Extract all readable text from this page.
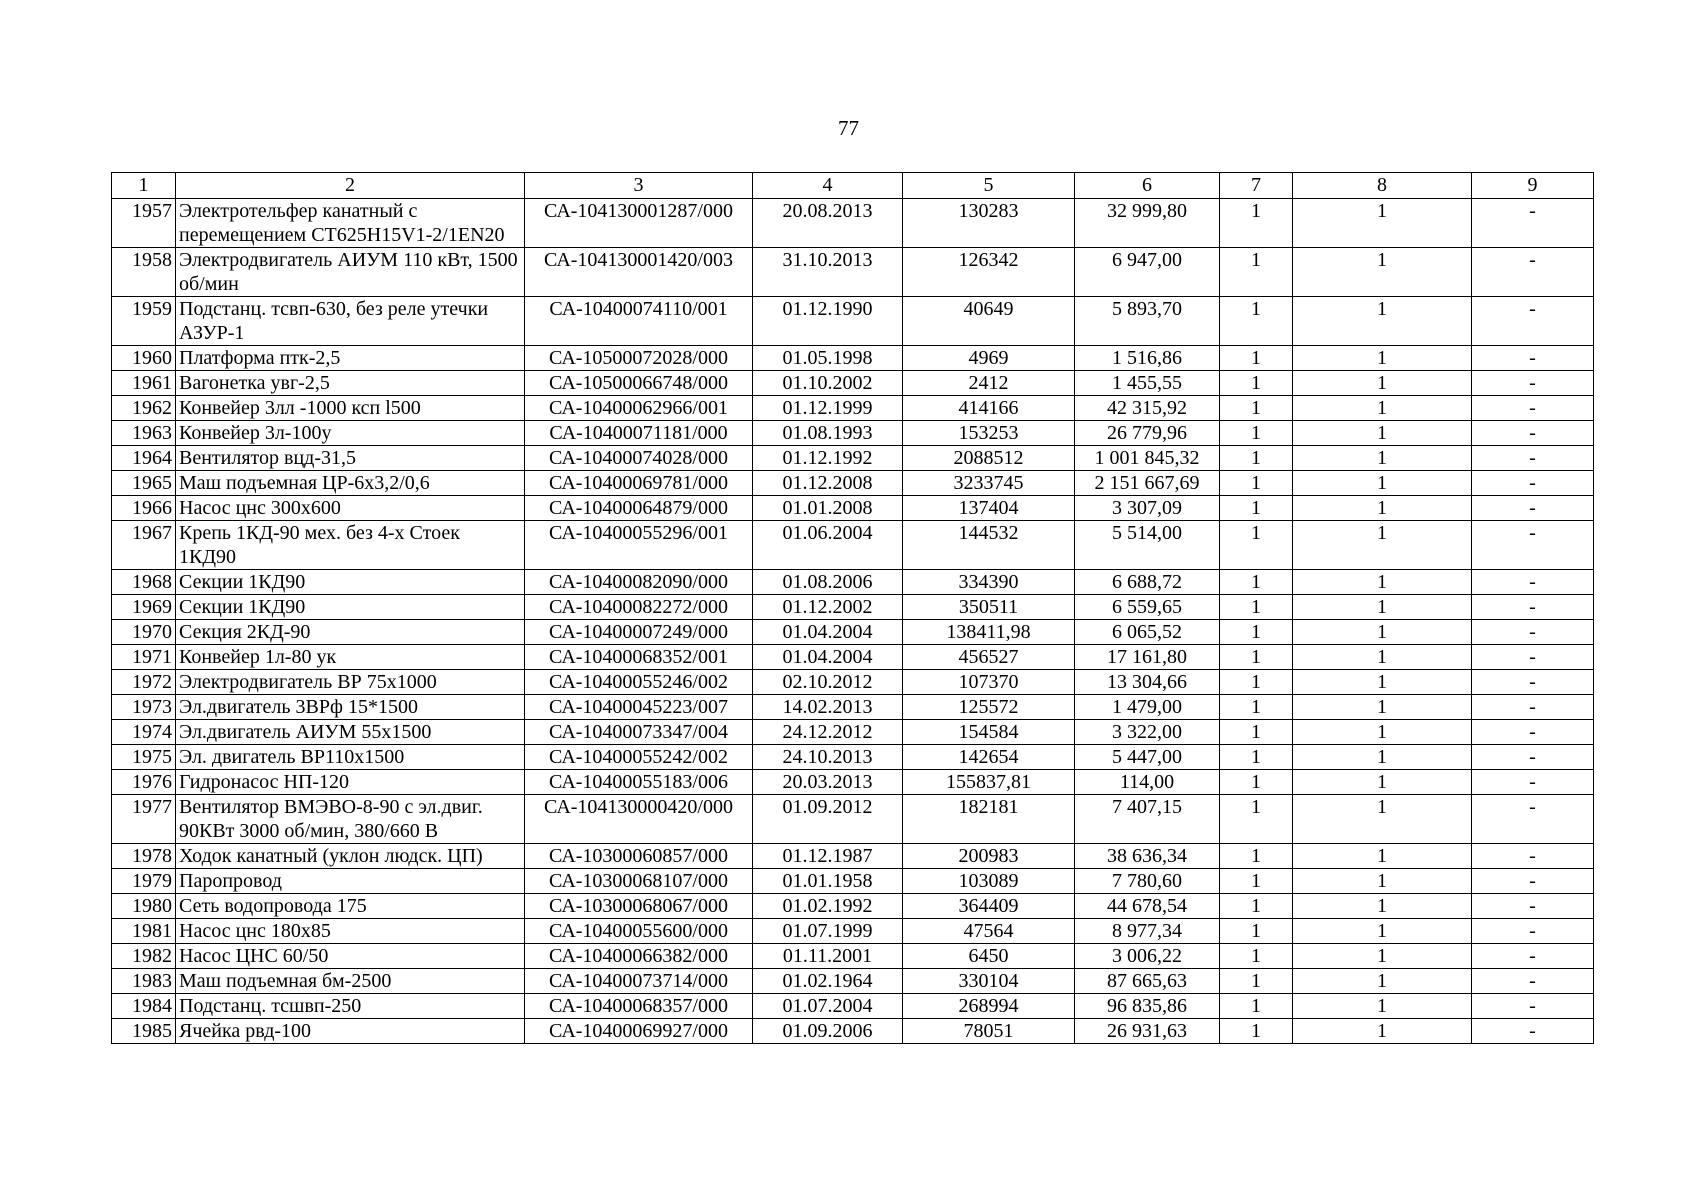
77
1	2	3	4	5	6	7	8	9
1957	Электротельфер канатный с перемещением СТ625Н15V1-2/1EN20	СА-104130001287/000	20.08.2013	130283	32 999,80	1	1	-
1958	Электродвигатель АИУМ 110 кВт, 1500 об/мин	СА-104130001420/003	31.10.2013	126342	6 947,00	1	1	-
1959	Подстанц. тсвп-630, без реле утечки АЗУР-1	СА-10400074110/001	01.12.1990	40649	5 893,70	1	1	-
1960	Платформа птк-2,5	СА-10500072028/000	01.05.1998	4969	1 516,86	1	1	-
1961	Вагонетка увг-2,5	СА-10500066748/000	01.10.2002	2412	1 455,55	1	1	-
1962	Конвейер 3лл -1000 ксп l500	СА-10400062966/001	01.12.1999	414166	42 315,92	1	1	-
1963	Конвейер 3л-100у	СА-10400071181/000	01.08.1993	153253	26 779,96	1	1	-
1964	Вентилятор вцд-31,5	СА-10400074028/000	01.12.1992	2088512	1 001 845,32	1	1	-
1965	Маш подъемная ЦР-6х3,2/0,6	СА-10400069781/000	01.12.2008	3233745	2 151 667,69	1	1	-
1966	Насос цнс 300х600	СА-10400064879/000	01.01.2008	137404	3 307,09	1	1	-
1967	Крепь 1КД-90 мех. без 4-х Стоек 1КД90	СА-10400055296/001	01.06.2004	144532	5 514,00	1	1	-
1968	Секции 1КД90	СА-10400082090/000	01.08.2006	334390	6 688,72	1	1	-
1969	Секции 1КД90	СА-10400082272/000	01.12.2002	350511	6 559,65	1	1	-
1970	Секция 2КД-90	СА-10400007249/000	01.04.2004	138411,98	6 065,52	1	1	-
1971	Конвейер 1л-80 ук	СА-10400068352/001	01.04.2004	456527	17 161,80	1	1	-
1972	Электродвигатель ВР 75х1000	СА-10400055246/002	02.10.2012	107370	13 304,66	1	1	-
1973	Эл.двигатель 3ВРф 15*1500	СА-10400045223/007	14.02.2013	125572	1 479,00	1	1	-
1974	Эл.двигатель АИУМ 55х1500	СА-10400073347/004	24.12.2012	154584	3 322,00	1	1	-
1975	Эл. двигатель ВР110х1500	СА-10400055242/002	24.10.2013	142654	5 447,00	1	1	-
1976	Гидронасос НП-120	СА-10400055183/006	20.03.2013	155837,81	114,00	1	1	-
1977	Вентилятор ВМЭВО-8-90 с эл.двиг. 90КВт 3000 об/мин, 380/660 В	СА-104130000420/000	01.09.2012	182181	7 407,15	1	1	-
1978	Ходок канатный (уклон людск. ЦП)	СА-10300060857/000	01.12.1987	200983	38 636,34	1	1	-
1979	Паропровод	СА-10300068107/000	01.01.1958	103089	7 780,60	1	1	-
1980	Сеть водопровода 175	СА-10300068067/000	01.02.1992	364409	44 678,54	1	1	-
1981	Насос цнс 180х85	СА-10400055600/000	01.07.1999	47564	8 977,34	1	1	-
1982	Насос ЦНС 60/50	СА-10400066382/000	01.11.2001	6450	3 006,22	1	1	-
1983	Маш подъемная бм-2500	СА-10400073714/000	01.02.1964	330104	87 665,63	1	1	-
1984	Подстанц. тсшвп-250	СА-10400068357/000	01.07.2004	268994	96 835,86	1	1	-
1985	Ячейка рвд-100	СА-10400069927/000	01.09.2006	78051	26 931,63	1	1	-
